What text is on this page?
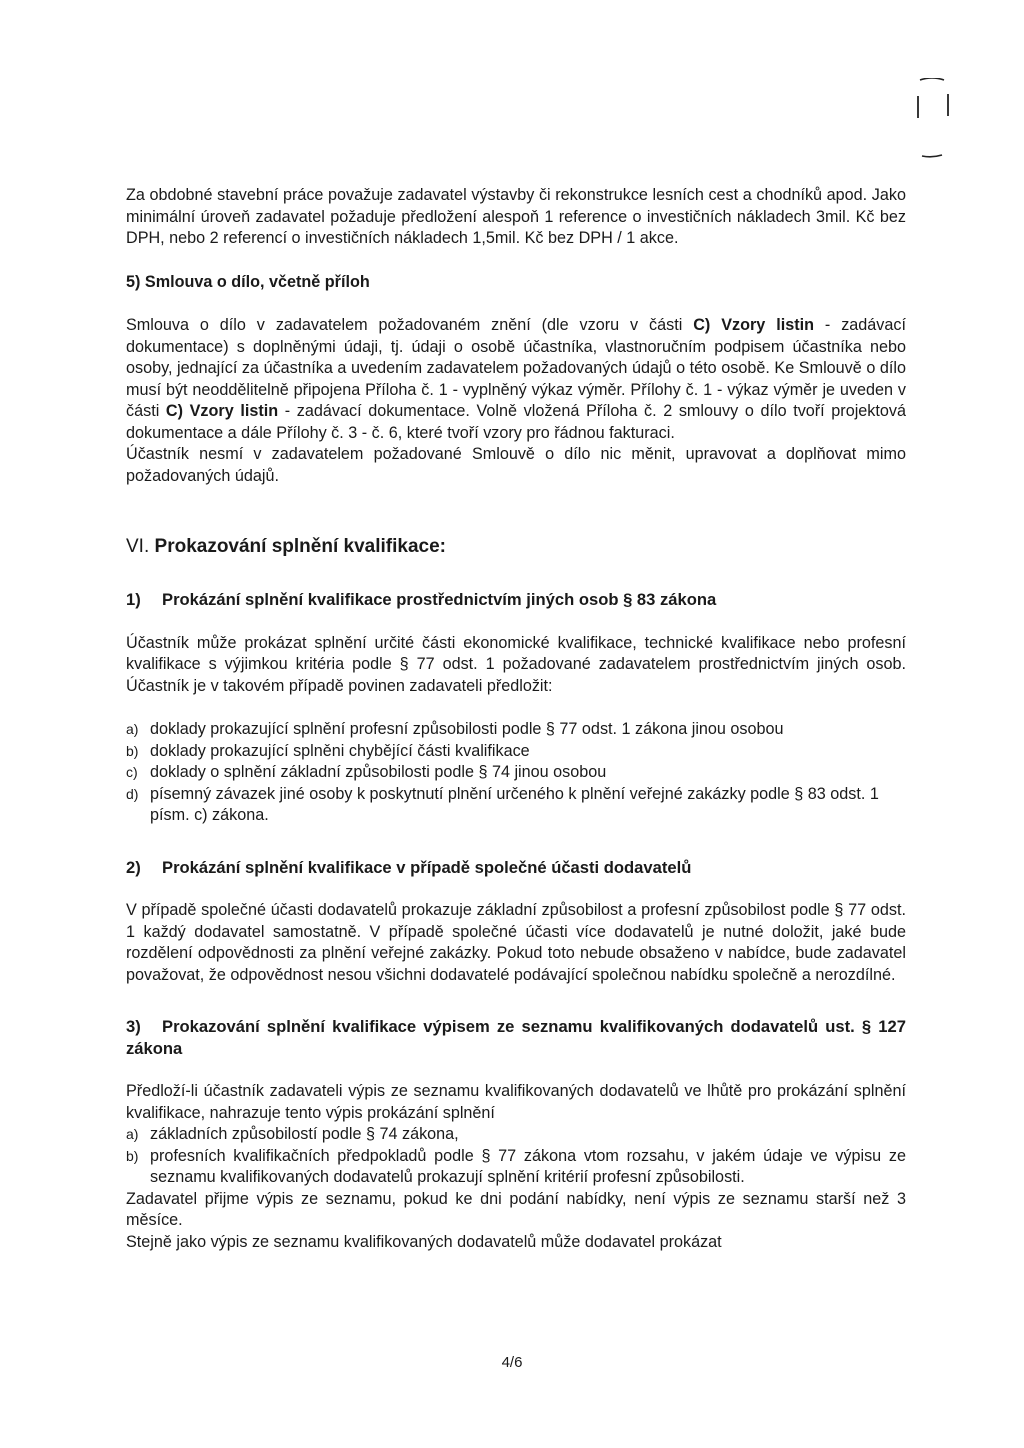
Za obdobné stavební práce považuje zadavatel výstavby či rekonstrukce lesních cest a chodníků apod. Jako minimální úroveň zadavatel požaduje předložení alespoň 1 reference o investičních nákladech 3mil. Kč bez DPH, nebo 2 referencí o investičních nákladech 1,5mil. Kč bez DPH / 1 akce.

5) Smlouva o dílo, včetně příloh

Smlouva o dílo v zadavatelem požadovaném znění (dle vzoru v části C) Vzory listin - zadávací dokumentace) s doplněnými údaji, tj. údaji o osobě účastníka, vlastnoručním podpisem účastníka nebo osoby, jednající za účastníka a uvedením zadavatelem požadovaných údajů o této osobě. Ke Smlouvě o dílo musí být neoddělitelně připojena Příloha č. 1 - vyplněný výkaz výměr. Přílohy č. 1 - výkaz výměr je uveden v části C) Vzory listin - zadávací dokumentace. Volně vložená Příloha č. 2 smlouvy o dílo tvoří projektová dokumentace a dále Přílohy č. 3 - č. 6, které tvoří vzory pro řádnou fakturaci.

Účastník nesmí v zadavatelem požadované Smlouvě o dílo nic měnit, upravovat a doplňovat mimo požadovaných údajů.

VI. Prokazování splnění kvalifikace:

1) Prokázání splnění kvalifikace prostřednictvím jiných osob § 83 zákona

Účastník může prokázat splnění určité části ekonomické kvalifikace, technické kvalifikace nebo profesní kvalifikace s výjimkou kritéria podle § 77 odst. 1 požadované zadavatelem prostřednictvím jiných osob. Účastník je v takovém případě povinen zadavateli předložit:

a) doklady prokazující splnění profesní způsobilosti podle § 77 odst. 1 zákona jinou osobou
b) doklady prokazující splněni chybějící části kvalifikace
c) doklady o splnění základní způsobilosti podle § 74 jinou osobou
d) písemný závazek jiné osoby k poskytnutí plnění určeného k plnění veřejné zakázky podle § 83 odst. 1 písm. c) zákona.

2) Prokázání splnění kvalifikace v případě společné účasti dodavatelů

V případě společné účasti dodavatelů prokazuje základní způsobilost a profesní způsobilost podle § 77 odst. 1 každý dodavatel samostatně. V případě společné účasti více dodavatelů je nutné doložit, jaké bude rozdělení odpovědnosti za plnění veřejné zakázky. Pokud toto nebude obsaženo v nabídce, bude zadavatel považovat, že odpovědnost nesou všichni dodavatelé podávající společnou nabídku společně a nerozdílné.

3) Prokazování splnění kvalifikace výpisem ze seznamu kvalifikovaných dodavatelů ust. § 127 zákona

Předloží-li účastník zadavateli výpis ze seznamu kvalifikovaných dodavatelů ve lhůtě pro prokázání splnění kvalifikace, nahrazuje tento výpis prokázání splnění

a) základních způsobilostí podle § 74 zákona,
b) profesních kvalifikačních předpokladů podle § 77 zákona vtom rozsahu, v jakém údaje ve výpisu ze seznamu kvalifikovaných dodavatelů prokazují splnění kritérií profesní způsobilosti.

Zadavatel přijme výpis ze seznamu, pokud ke dni podání nabídky, není výpis ze seznamu starší než 3 měsíce.

Stejně jako výpis ze seznamu kvalifikovaných dodavatelů může dodavatel prokázat

4/6
